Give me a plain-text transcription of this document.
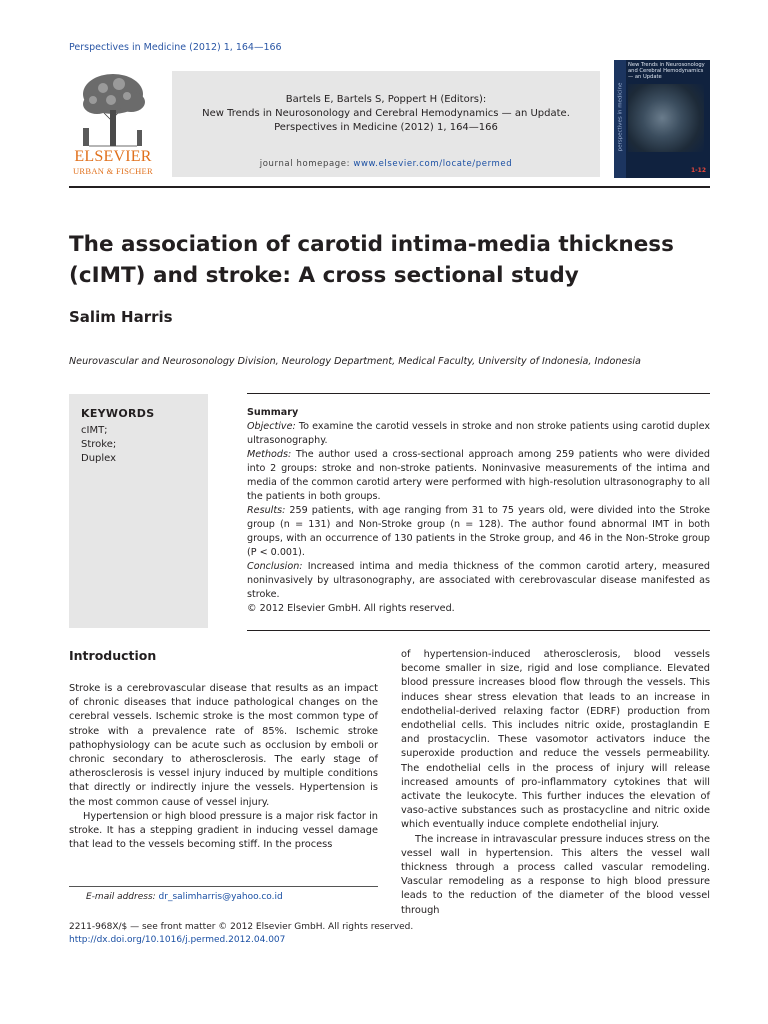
Perspectives in Medicine (2012) 1, 164—166
ELSEVIER
URBAN & FISCHER
Bartels E, Bartels S, Poppert H (Editors):
New Trends in Neurosonology and Cerebral Hemodynamics — an Update.
Perspectives in Medicine (2012) 1, 164—166
journal homepage: www.elsevier.com/locate/permed
perspectives in medicine
New Trends in Neurosonology and Cerebral Hemodynamics — an Update
1-12
The association of carotid intima-media thickness (cIMT) and stroke: A cross sectional study
Salim Harris
Neurovascular and Neurosonology Division, Neurology Department, Medical Faculty, University of Indonesia, Indonesia
KEYWORDS
cIMT;
Stroke;
Duplex

Summary

Objective: To examine the carotid vessels in stroke and non stroke patients using carotid duplex ultrasonography.

Methods: The author used a cross-sectional approach among 259 patients who were divided into 2 groups: stroke and non-stroke patients. Noninvasive measurements of the intima and media of the common carotid artery were performed with high-resolution ultrasonography to all the patients in both groups.

Results: 259 patients, with age ranging from 31 to 75 years old, were divided into the Stroke group (n = 131) and Non-Stroke group (n = 128). The author found abnormal IMT in both groups, with an occurrence of 130 patients in the Stroke group, and 46 in the Non-Stroke group (P < 0.001).

Conclusion: Increased intima and media thickness of the common carotid artery, measured noninvasively by ultrasonography, are associated with cerebrovascular disease manifested as stroke.

© 2012 Elsevier GmbH. All rights reserved.

Introduction

Stroke is a cerebrovascular disease that results as an impact of chronic diseases that induce pathological changes on the cerebral vessels. Ischemic stroke is the most common type of stroke with a prevalence rate of 85%. Ischemic stroke pathophysiology can be acute such as occlusion by emboli or chronic secondary to atherosclerosis. The early stage of atherosclerosis is vessel injury induced by multiple conditions that directly or indirectly injure the vessels. Hypertension is the most common cause of vessel injury.

Hypertension or high blood pressure is a major risk factor in stroke. It has a stepping gradient in inducing vessel damage that lead to the vessels becoming stiff. In the process

of hypertension-induced atherosclerosis, blood vessels become smaller in size, rigid and lose compliance. Elevated blood pressure increases blood flow through the vessels. This induces shear stress elevation that leads to an increase in endothelial-derived relaxing factor (EDRF) production from endothelial cells. This includes nitric oxide, prostaglandin E and prostacyclin. These vasomotor activators induce the superoxide production and reduce the vessels permeability. The endothelial cells in the process of injury will release increased amounts of pro-inflammatory cytokines that will activate the leukocyte. This further induces the elevation of vaso-active substances such as prostacycline and nitric oxide which eventually induce complete endothelial injury.

The increase in intravascular pressure induces stress on the vessel wall in hypertension. This alters the vessel wall thickness through a process called vascular remodeling. Vascular remodeling as a response to high blood pressure leads to the reduction of the diameter of the blood vessel through

E-mail address: dr_salimharris@yahoo.co.id
2211-968X/$ — see front matter © 2012 Elsevier GmbH. All rights reserved.
http://dx.doi.org/10.1016/j.permed.2012.04.007
